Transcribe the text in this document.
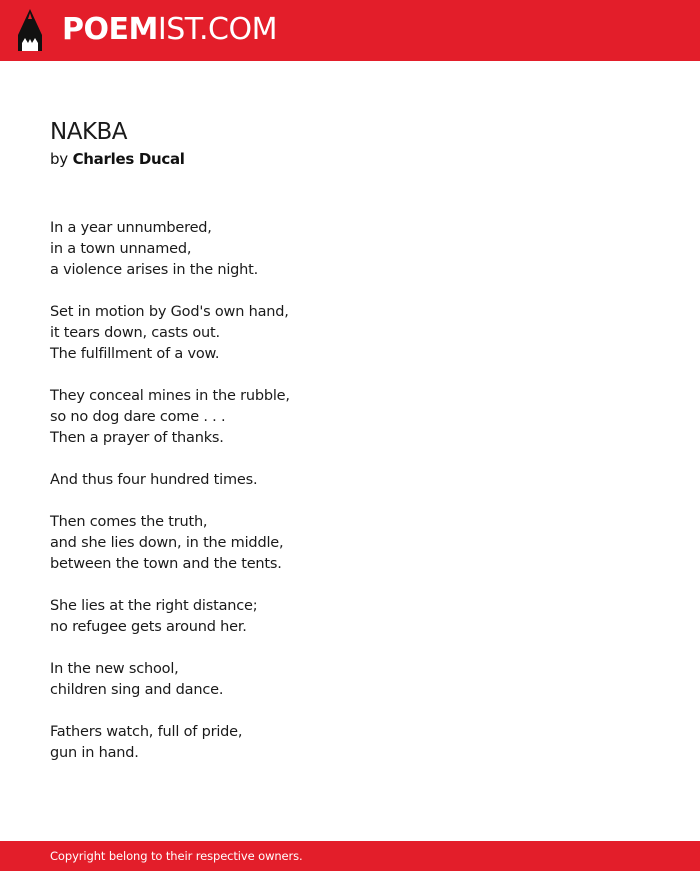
POEMIST.COM
NAKBA
by Charles Ducal
In a year unnumbered,
in a town unnamed,
a violence arises in the night.
Set in motion by God's own hand,
it tears down, casts out.
The fulfillment of a vow.
They conceal mines in the rubble,
so no dog dare come . . .
Then a prayer of thanks.
And thus four hundred times.
Then comes the truth,
and she lies down, in the middle,
between the town and the tents.
She lies at the right distance;
no refugee gets around her.
In the new school,
children sing and dance.
Fathers watch, full of pride,
gun in hand.
Copyright belong to their respective owners.
